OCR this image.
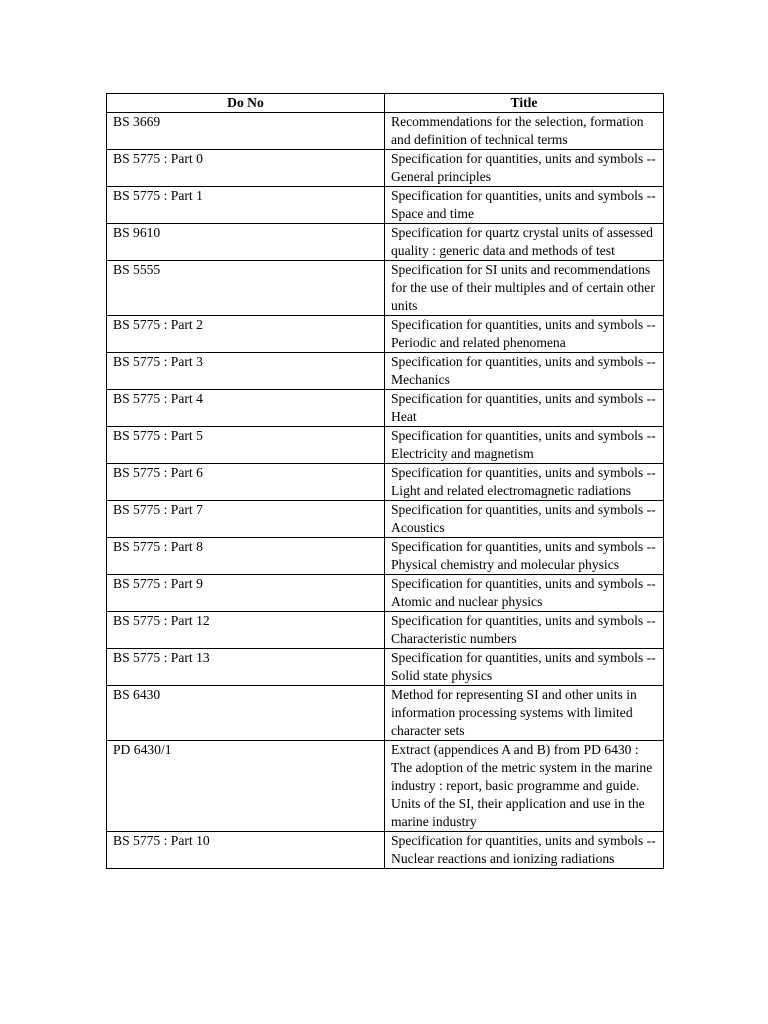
Do No	Title
BS 3669	Recommendations for the selection, formation and definition of technical terms
BS 5775 : Part 0	Specification for quantities, units and symbols -- General principles
BS 5775 : Part 1	Specification for quantities, units and symbols -- Space and time
BS 9610	Specification for quartz crystal units of assessed quality : generic data and methods of test
BS 5555	Specification for SI units and recommendations for the use of their multiples and of certain other units
BS 5775 : Part 2	Specification for quantities, units and symbols -- Periodic and related phenomena
BS 5775 : Part 3	Specification for quantities, units and symbols -- Mechanics
BS 5775 : Part 4	Specification for quantities, units and symbols -- Heat
BS 5775 : Part 5	Specification for quantities, units and symbols -- Electricity and magnetism
BS 5775 : Part 6	Specification for quantities, units and symbols -- Light and related electromagnetic radiations
BS 5775 : Part 7	Specification for quantities, units and symbols -- Acoustics
BS 5775 : Part 8	Specification for quantities, units and symbols -- Physical chemistry and molecular physics
BS 5775 : Part 9	Specification for quantities, units and symbols -- Atomic and nuclear physics
BS 5775 : Part 12	Specification for quantities, units and symbols -- Characteristic numbers
BS 5775 : Part 13	Specification for quantities, units and symbols -- Solid state physics
BS 6430	Method for representing SI and other units in information processing systems with limited character sets
PD 6430/1	Extract (appendices A and B) from PD 6430 : The adoption of the metric system in the marine industry : report, basic programme and guide. Units of the SI, their application and use in the marine industry
BS 5775 : Part 10	Specification for quantities, units and symbols -- Nuclear reactions and ionizing radiations
